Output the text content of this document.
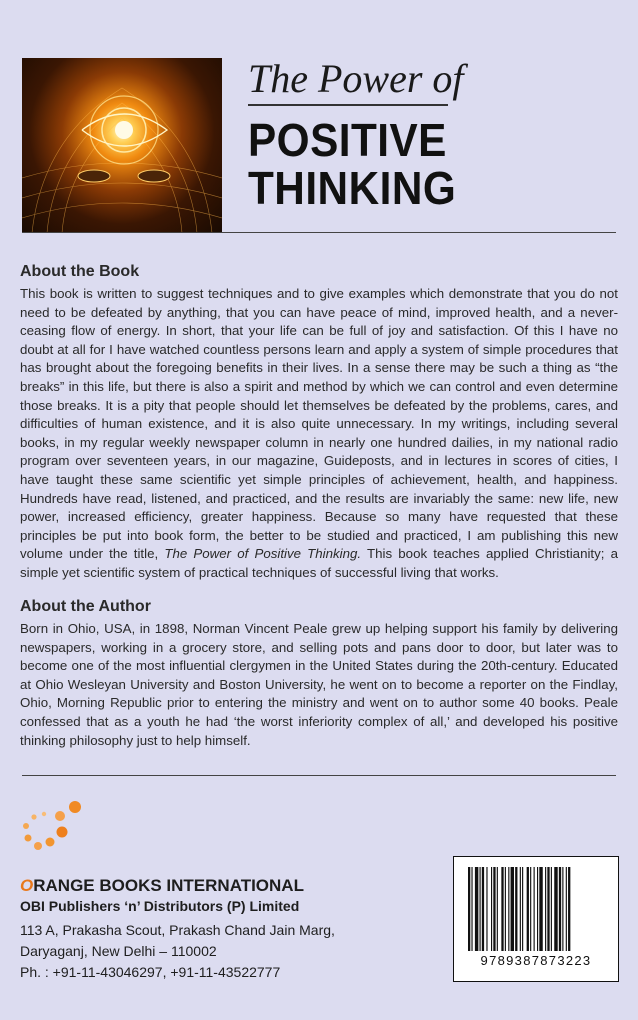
The Power of
POSITIVE
THINKING
About the Book
This book is written to suggest techniques and to give examples which demonstrate that you do not need to be defeated by anything, that you can have peace of mind, improved health, and a never-ceasing flow of energy. In short, that your life can be full of joy and satisfaction. Of this I have no doubt at all for I have watched countless persons learn and apply a system of simple procedures that has brought about the foregoing benefits in their lives. In a sense there may be such a thing as “the breaks” in this life, but there is also a spirit and method by which we can control and even determine those breaks. It is a pity that people should let themselves be defeated by the problems, cares, and difficulties of human existence, and it is also quite unnecessary. In my writings, including several books, in my regular weekly newspaper column in nearly one hundred dailies, in my national radio program over seventeen years, in our magazine, Guideposts, and in lectures in scores of cities, I have taught these same scientific yet simple principles of achievement, health, and happiness. Hundreds have read, listened, and practiced, and the results are invariably the same: new life, new power, increased efficiency, greater happiness. Because so many have requested that these principles be put into book form, the better to be studied and practiced, I am publishing this new volume under the title, The Power of Positive Thinking. This book teaches applied Christianity; a simple yet scientific system of practical techniques of successful living that works.
About the Author
Born in Ohio, USA, in 1898, Norman Vincent Peale grew up helping support his family by delivering newspapers, working in a grocery store, and selling pots and pans door to door, but later was to become one of the most influential clergymen in the United States during the 20th-century. Educated at Ohio Wesleyan University and Boston University, he went on to become a reporter on the Findlay, Ohio, Morning Republic prior to entering the ministry and went on to author some 40 books. Peale confessed that as a youth he had ‘the worst inferiority complex of all,’ and developed his positive thinking philosophy just to help himself.
ORANGE BOOKS INTERNATIONAL
OBI Publishers ‘n’ Distributors (P) Limited
113 A, Prakasha Scout, Prakash Chand Jain Marg,
Daryaganj, New Delhi – 110002
Ph. : +91-11-43046297, +91-11-43522777
9789387873223
